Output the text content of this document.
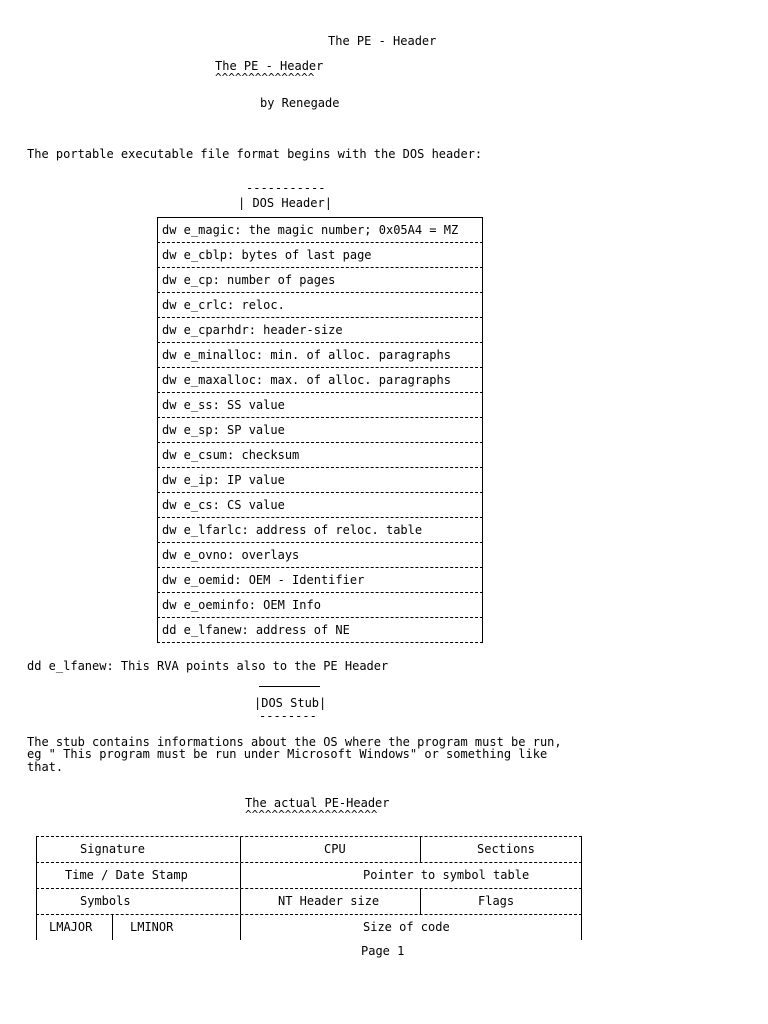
The PE - Header
The PE - Header
^^^^^^^^^^^^^^^
by Renegade
The portable executable file format begins with the DOS header:
-----------
| DOS Header|
dw e_magic: the magic number; 0x05A4 = MZ
dw e_cblp: bytes of last page
dw e_cp: number of pages
dw e_crlc: reloc.
dw e_cparhdr: header-size
dw e_minalloc: min. of alloc. paragraphs
dw e_maxalloc: max. of alloc. paragraphs
dw e_ss: SS value
dw e_sp: SP value
dw e_csum: checksum
dw e_ip: IP value
dw e_cs: CS value
dw e_lfarlc: address of reloc. table
dw e_ovno: overlays
dw e_oemid: OEM - Identifier
dw e_oeminfo: OEM Info
dd e_lfanew: address of NE
dd e_lfanew: This RVA points also to the PE Header
|DOS Stub|
--------
The stub contains informations about the OS where the program must be run,
eg " This program must be run under Microsoft Windows" or something like
that.
The actual PE-Header
^^^^^^^^^^^^^^^^^^^^
Signature	CPU	Sections
Time / Date Stamp	Pointer to symbol table
Symbols	NT Header size	Flags
LMAJOR	LMINOR	Size of code
Page 1
